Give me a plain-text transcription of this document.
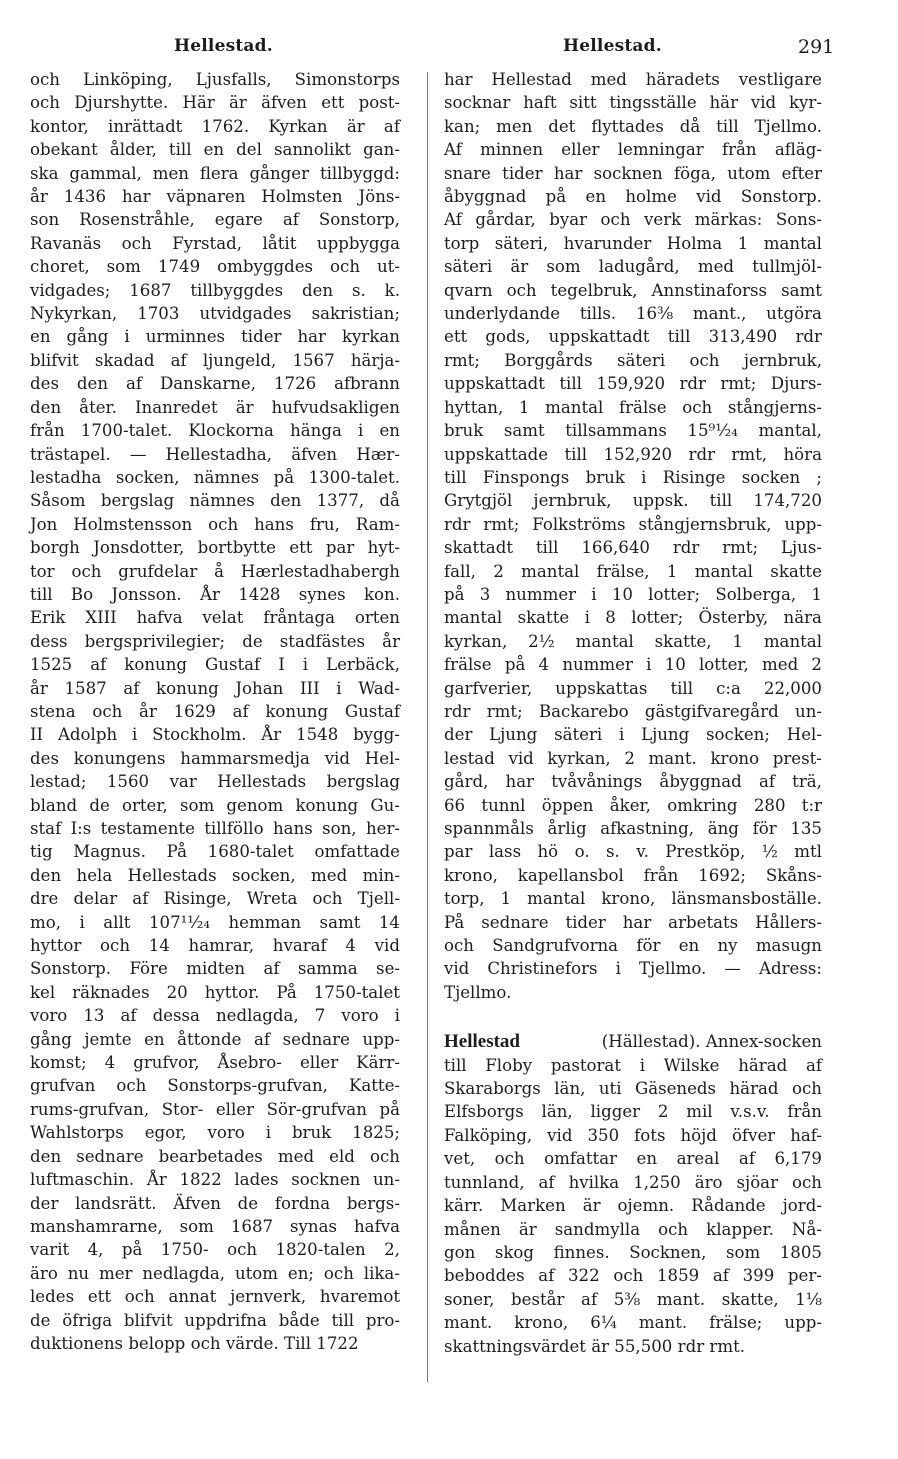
Hellestad.	Hellestad.	291
och Linköping, Ljusfalls, Simonstorps
och Djurshytte. Här är äfven ett post-
kontor, inrättadt 1762. Kyrkan är af
obekant ålder, till en del sannolikt gan-
ska gammal, men flera gånger tillbyggd:
år 1436 har väpnaren Holmsten Jöns-
son Rosenstråhle, egare af Sonstorp,
Ravanäs och Fyrstad, låtit uppbygga
choret, som 1749 ombyggdes och ut-
vidgades; 1687 tillbyggdes den s. k.
Nykyrkan, 1703 utvidgades sakristian;
en gång i urminnes tider har kyrkan
blifvit skadad af ljungeld, 1567 härja-
des den af Danskarne, 1726 afbrann
den åter. Inanredet är hufvudsakligen
från 1700-talet. Klockorna hänga i en
trästapel. — Hellestadha, äfven Hær-
lestadha socken, nämnes på 1300-talet.
Såsom bergslag nämnes den 1377, då
Jon Holmstensson och hans fru, Ram-
borgh Jonsdotter, bortbytte ett par hyt-
tor och grufdelar å Hærlestadhabergh
till Bo Jonsson. År 1428 synes kon.
Erik XIII hafva velat fråntaga orten
dess bergsprivilegier; de stadfästes år
1525 af konung Gustaf I i Lerbäck,
år 1587 af konung Johan III i Wad-
stena och år 1629 af konung Gustaf
II Adolph i Stockholm. År 1548 bygg-
des konungens hammarsmedja vid Hel-
lestad; 1560 var Hellestads bergslag
bland de orter, som genom konung Gu-
staf I:s testamente tillföllo hans son, her-
tig Magnus. På 1680-talet omfattade
den hela Hellestads socken, med min-
dre delar af Risinge, Wreta och Tjell-
mo, i allt 107¹¹⁄₂₄ hemman samt 14
hyttor och 14 hamrar, hvaraf 4 vid
Sonstorp. Före midten af samma se-
kel räknades 20 hyttor. På 1750-talet
voro 13 af dessa nedlagda, 7 voro i
gång jemte en åttonde af sednare upp-
komst; 4 grufvor, Åsebro- eller Kärr-
grufvan och Sonstorps-grufvan, Katte-
rums-grufvan, Stor- eller Sör-grufvan på
Wahlstorps egor, voro i bruk 1825;
den sednare bearbetades med eld och
luftmaschin. År 1822 lades socknen un-
der landsrätt. Äfven de fordna bergs-
manshamrarne, som 1687 synas hafva
varit 4, på 1750- och 1820-talen 2,
äro nu mer nedlagda, utom en; och lika-
ledes ett och annat jernverk, hvaremot
de öfriga blifvit uppdrifna både till pro-
duktionens belopp och värde. Till 1722
har Hellestad med häradets vestligare
socknar haft sitt tingsställe här vid kyr-
kan; men det flyttades då till Tjellmo.
Af minnen eller lemningar från afläg-
snare tider har socknen föga, utom efter
åbyggnad på en holme vid Sonstorp.
Af gårdar, byar och verk märkas: Sons-
torp säteri, hvarunder Holma 1 mantal
säteri är som ladugård, med tullmjöl-
qvarn och tegelbruk, Annstinaforss samt
underlydande tills. 16³⁄₈ mant., utgöra
ett gods, uppskattadt till 313,490 rdr
rmt; Borggårds säteri och jernbruk,
uppskattadt till 159,920 rdr rmt; Djurs-
hyttan, 1 mantal frälse och stångjerns-
bruk samt tillsammans 15⁹¹⁄₂₄ mantal,
uppskattade till 152,920 rdr rmt, höra
till Finspongs bruk i Risinge socken ;
Grytgjöl jernbruk, uppsk. till 174,720
rdr rmt; Folkströms stångjernsbruk, upp-
skattadt till 166,640 rdr rmt; Ljus-
fall, 2 mantal frälse, 1 mantal skatte
på 3 nummer i 10 lotter; Solberga, 1
mantal skatte i 8 lotter; Österby, nära
kyrkan, 2½ mantal skatte, 1 mantal
frälse på 4 nummer i 10 lotter, med 2
garfverier, uppskattas till c:a 22,000
rdr rmt; Backarebo gästgifvaregård un-
der Ljung säteri i Ljung socken; Hel-
lestad vid kyrkan, 2 mant. krono prest-
gård, har tvåvånings åbyggnad af trä,
66 tunnl öppen åker, omkring 280 t:r
spannmåls årlig afkastning, äng för 135
par lass hö o. s. v. Prestköp, ½ mtl
krono, kapellansbol från 1692; Skåns-
torp, 1 mantal krono, länsmansboställe.
På sednare tider har arbetats Hållers-
och Sandgrufvorna för en ny masugn
vid Christinefors i Tjellmo. — Adress:
Tjellmo.
Hellestad	(Hällestad). Annex-socken
till Floby pastorat i Wilske härad af
Skaraborgs län, uti Gäseneds härad och
Elfsborgs län, ligger 2 mil v.s.v. från
Falköping, vid 350 fots höjd öfver haf-
vet, och omfattar en areal af 6,179
tunnland, af hvilka 1,250 äro sjöar och
kärr. Marken är ojemn. Rådande jord-
månen är sandmylla och klapper. Nå-
gon skog finnes. Socknen, som 1805
beboddes af 322 och 1859 af 399 per-
soner, består af 5³⁄₈ mant. skatte, 1⅛
mant. krono, 6¼ mant. frälse; upp-
skattningsvärdet är 55,500 rdr rmt.
